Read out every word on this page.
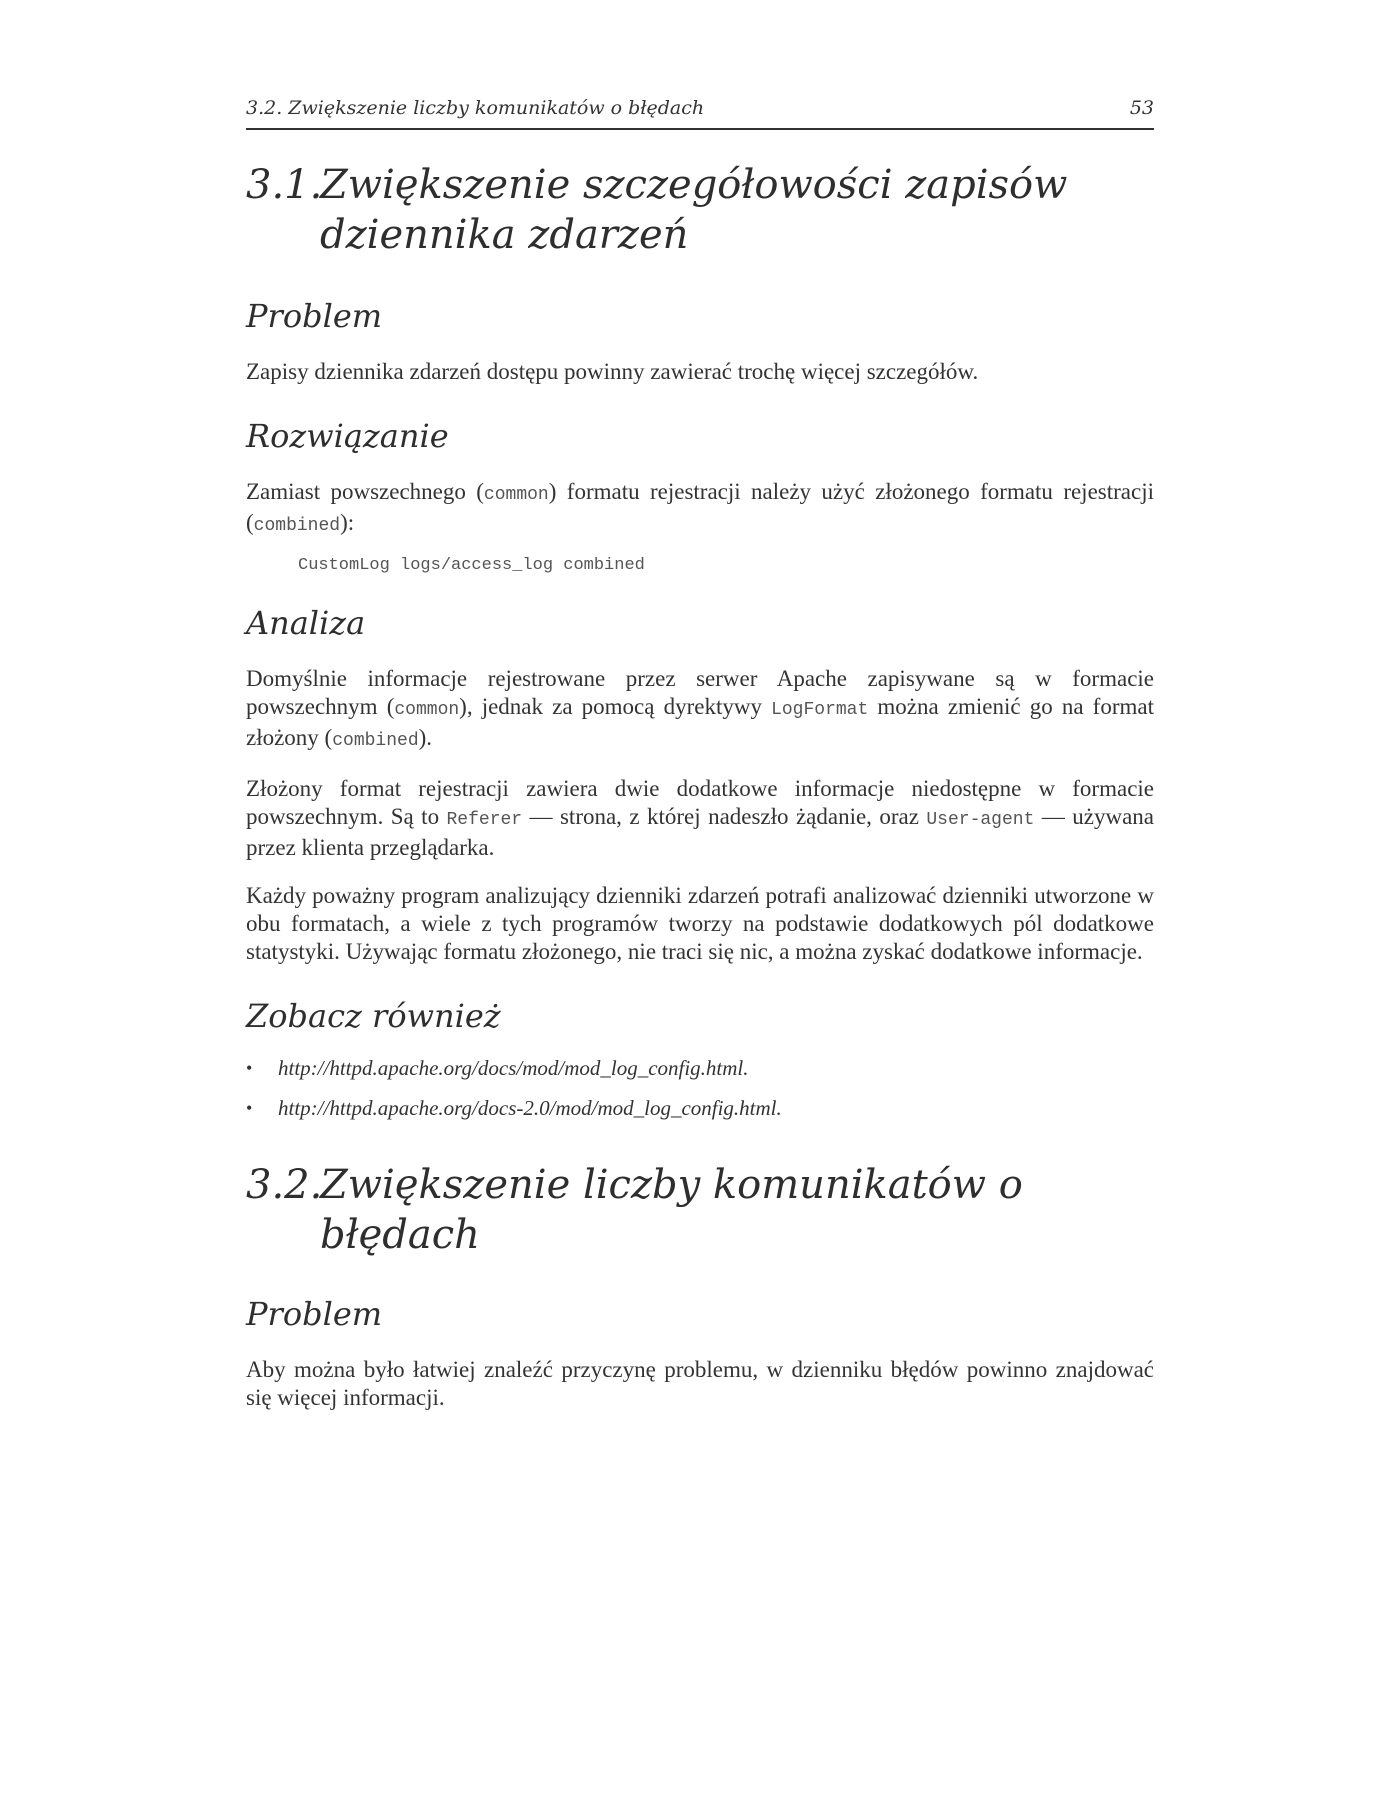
3.2. Zwiększenie liczby komunikatów o błędach	53
3.1.
Zwiększenie szczegółowości zapisów dziennika zdarzeń
Problem

Zapisy dziennika zdarzeń dostępu powinny zawierać trochę więcej szczegółów.

Rozwiązanie

Zamiast powszechnego (common) formatu rejestracji należy użyć złożonego formatu rejestracji (combined):

CustomLog logs/access_log combined
Analiza

Domyślnie informacje rejestrowane przez serwer Apache zapisywane są w formacie powszechnym (common), jednak za pomocą dyrektywy LogFormat można zmienić go na format złożony (combined).

Złożony format rejestracji zawiera dwie dodatkowe informacje niedostępne w formacie powszechnym. Są to Referer — strona, z której nadeszło żądanie, oraz User-agent — używana przez klienta przeglądarka.

Każdy poważny program analizujący dzienniki zdarzeń potrafi analizować dzienniki utworzone w obu formatach, a wiele z tych programów tworzy na podstawie dodatkowych pól dodatkowe statystyki. Używając formatu złożonego, nie traci się nic, a można zyskać dodatkowe informacje.

Zobacz również
•	http://httpd.apache.org/docs/mod/mod_log_config.html.
•	http://httpd.apache.org/docs-2.0/mod/mod_log_config.html.
3.2.
Zwiększenie liczby komunikatów o błędach
Problem

Aby można było łatwiej znaleźć przyczynę problemu, w dzienniku błędów powinno znajdować się więcej informacji.
